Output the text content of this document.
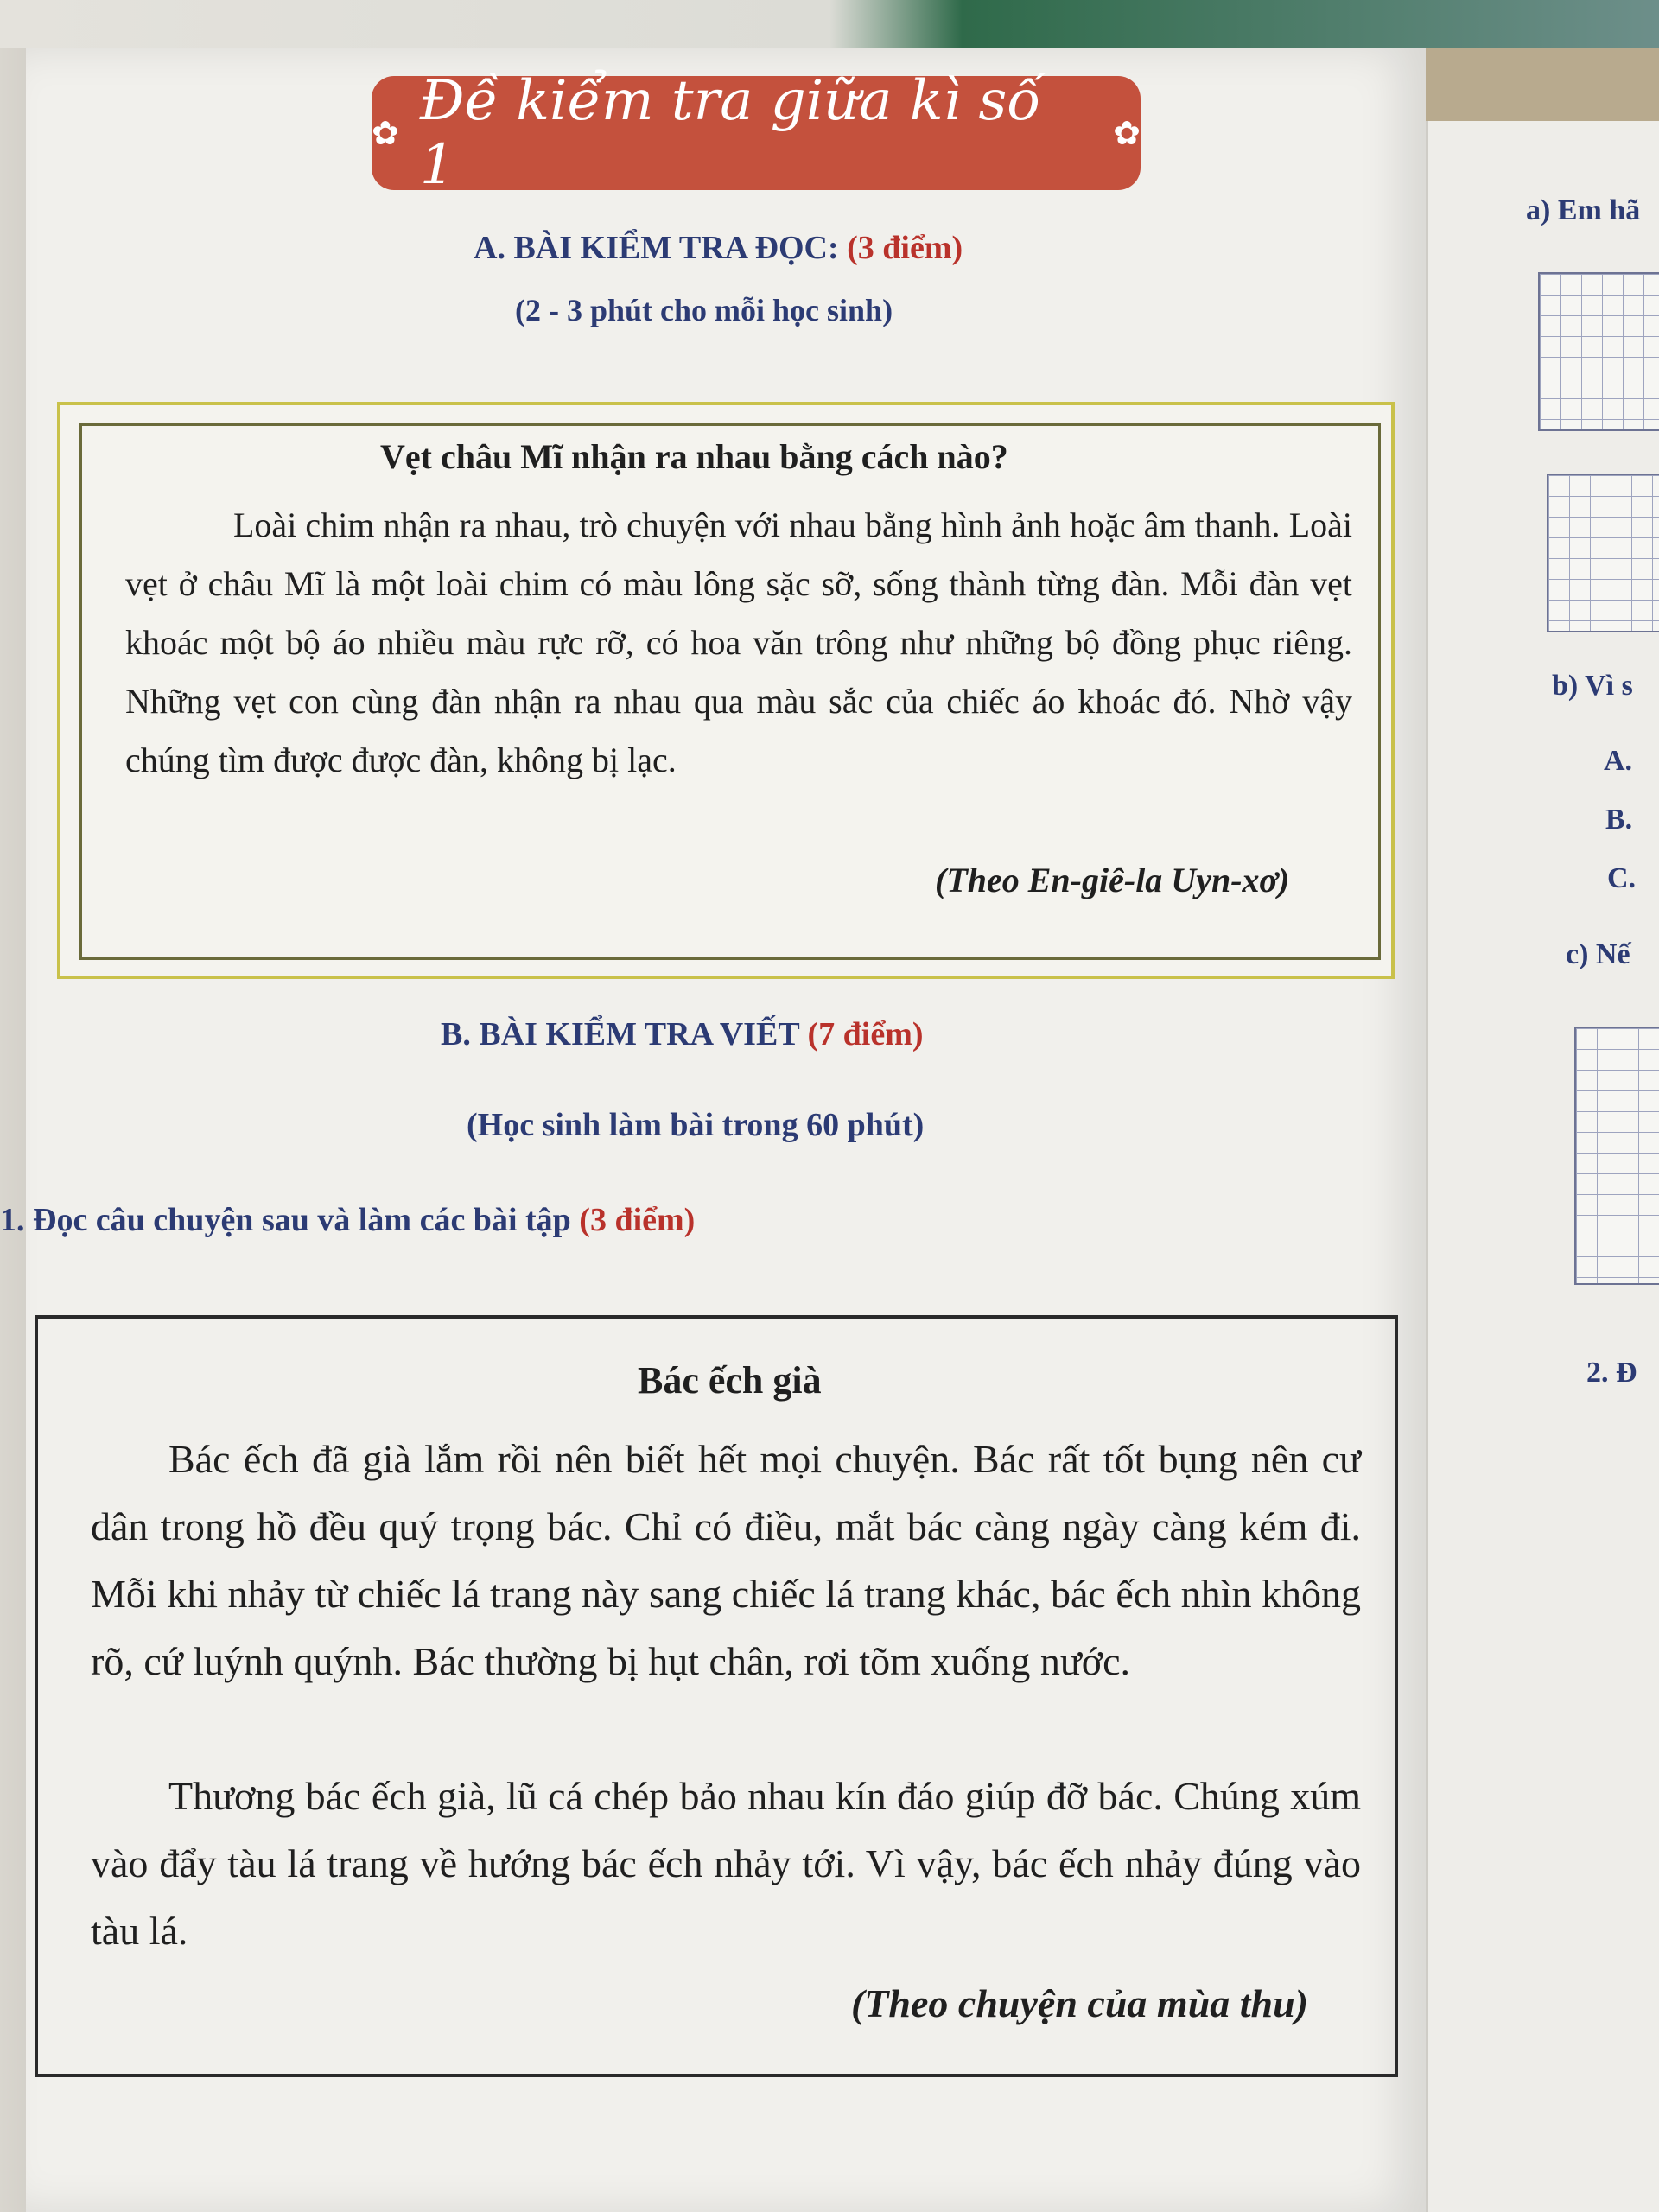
a) Em hã
b) Vì s
A.
B.
C.
c) Nế
2. Đ
✿ Đề kiểm tra giữa kì số 1	✿
A. BÀI KIỂM TRA ĐỌC: (3 điểm)
(2 - 3 phút cho mỗi học sinh)
Vẹt châu Mĩ nhận ra nhau bằng cách nào?
Loài chim nhận ra nhau, trò chuyện với nhau bằng hình ảnh hoặc âm thanh. Loài vẹt ở châu Mĩ là một loài chim có màu lông sặc sỡ, sống thành từng đàn. Mỗi đàn vẹt khoác một bộ áo nhiều màu rực rỡ, có hoa văn trông như những bộ đồng phục riêng. Những vẹt con cùng đàn nhận ra nhau qua màu sắc của chiếc áo khoác đó. Nhờ vậy chúng tìm được được đàn, không bị lạc.
(Theo En-giê-la Uyn-xơ)
B. BÀI KIỂM TRA VIẾT (7 điểm)
(Học sinh làm bài trong 60 phút)
1. Đọc câu chuyện sau và làm các bài tập (3 điểm)
Bác ếch già
Bác ếch đã già lắm rồi nên biết hết mọi chuyện. Bác rất tốt bụng nên cư dân trong hồ đều quý trọng bác. Chỉ có điều, mắt bác càng ngày càng kém đi. Mỗi khi nhảy từ chiếc lá trang này sang chiếc lá trang khác, bác ếch nhìn không rõ, cứ luýnh quýnh. Bác thường bị hụt chân, rơi tõm xuống nước.
Thương bác ếch già, lũ cá chép bảo nhau kín đáo giúp đỡ bác. Chúng xúm vào đẩy tàu lá trang về hướng bác ếch nhảy tới. Vì vậy, bác ếch nhảy đúng vào tàu lá.
(Theo chuyện của mùa thu)
